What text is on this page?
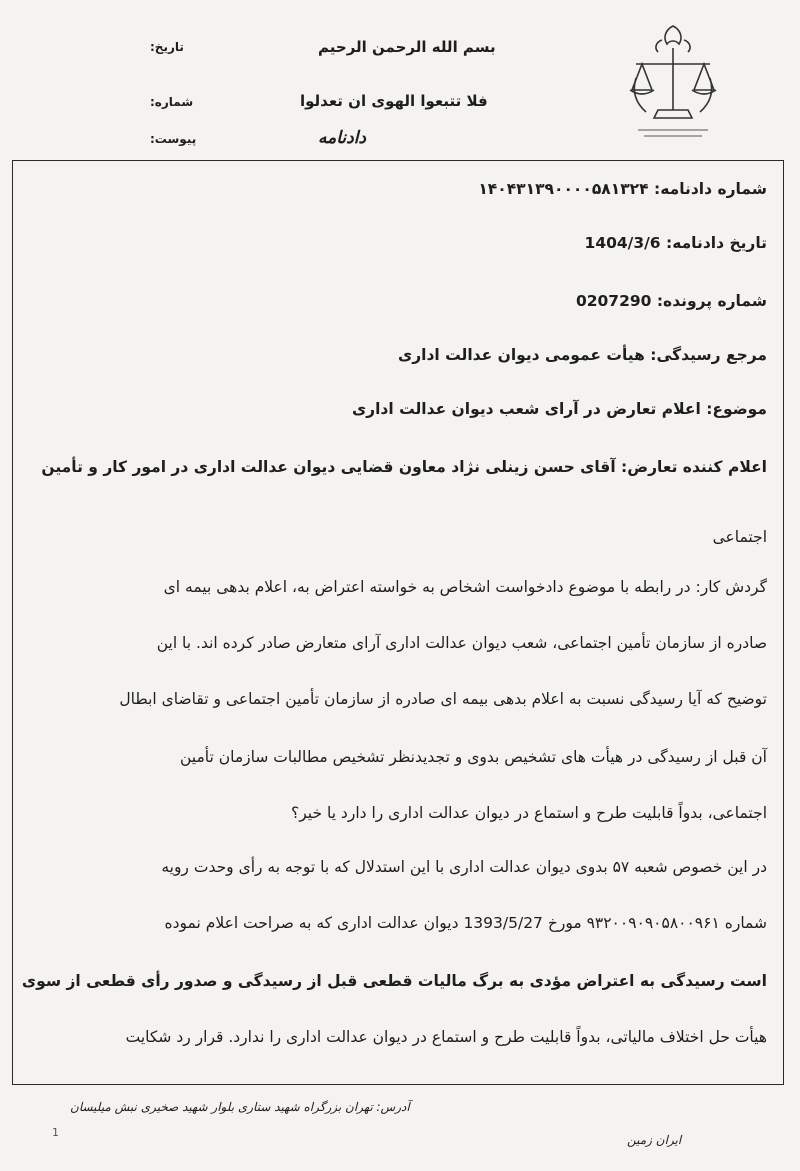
بسم الله الرحمن الرحیم
فلا تتبعوا الهوی ان تعدلوا
دادنامه
تاریخ:
شماره:
پیوست:
شماره دادنامه: ۱۴۰۴۳۱۳۹۰۰۰۰۵۸۱۳۲۴
تاریخ دادنامه: 1404/3/6
شماره پرونده: 0207290
مرجع رسیدگی: هیأت عمومی دیوان عدالت اداری
موضوع: اعلام تعارض در آرای شعب دیوان عدالت اداری
اعلام کننده تعارض: آقای حسن زینلی نژاد معاون قضایی دیوان عدالت اداری در امور کار و تأمین
اجتماعی
گردش کار: در رابطه با موضوع دادخواست اشخاص به خواسته اعتراض به، اعلام بدهی بیمه ای
صادره از سازمان تأمین اجتماعی، شعب دیوان عدالت اداری آرای متعارض صادر کرده اند. با این
توضیح که آیا رسیدگی نسبت به اعلام بدهی بیمه ای صادره از سازمان تأمین اجتماعی و تقاضای ابطال
آن قبل از رسیدگی در هیأت های تشخیص بدوی و تجدیدنظر تشخیص مطالبات سازمان تأمین
اجتماعی، بدواً قابلیت طرح و استماع در دیوان عدالت اداری را دارد یا خیر؟
در این خصوص شعبه ۵۷ بدوی دیوان عدالت اداری با این استدلال که با توجه به رأی وحدت رویه
شماره ۹۳۲۰۰۹۰۹۰۵۸۰۰۹۶۱ مورخ 1393/5/27 دیوان عدالت اداری که به صراحت اعلام نموده
است رسیدگی به اعتراض مؤدی به برگ مالیات قطعی قبل از رسیدگی و صدور رأی قطعی از سوی
هیأت حل اختلاف مالیاتی، بدواً قابلیت طرح و استماع در دیوان عدالت اداری را ندارد. قرار رد شکایت
آدرس: تهران بزرگراه شهید ستاری بلوار شهید صخیری نبش میلیسان
ایران زمین
1
